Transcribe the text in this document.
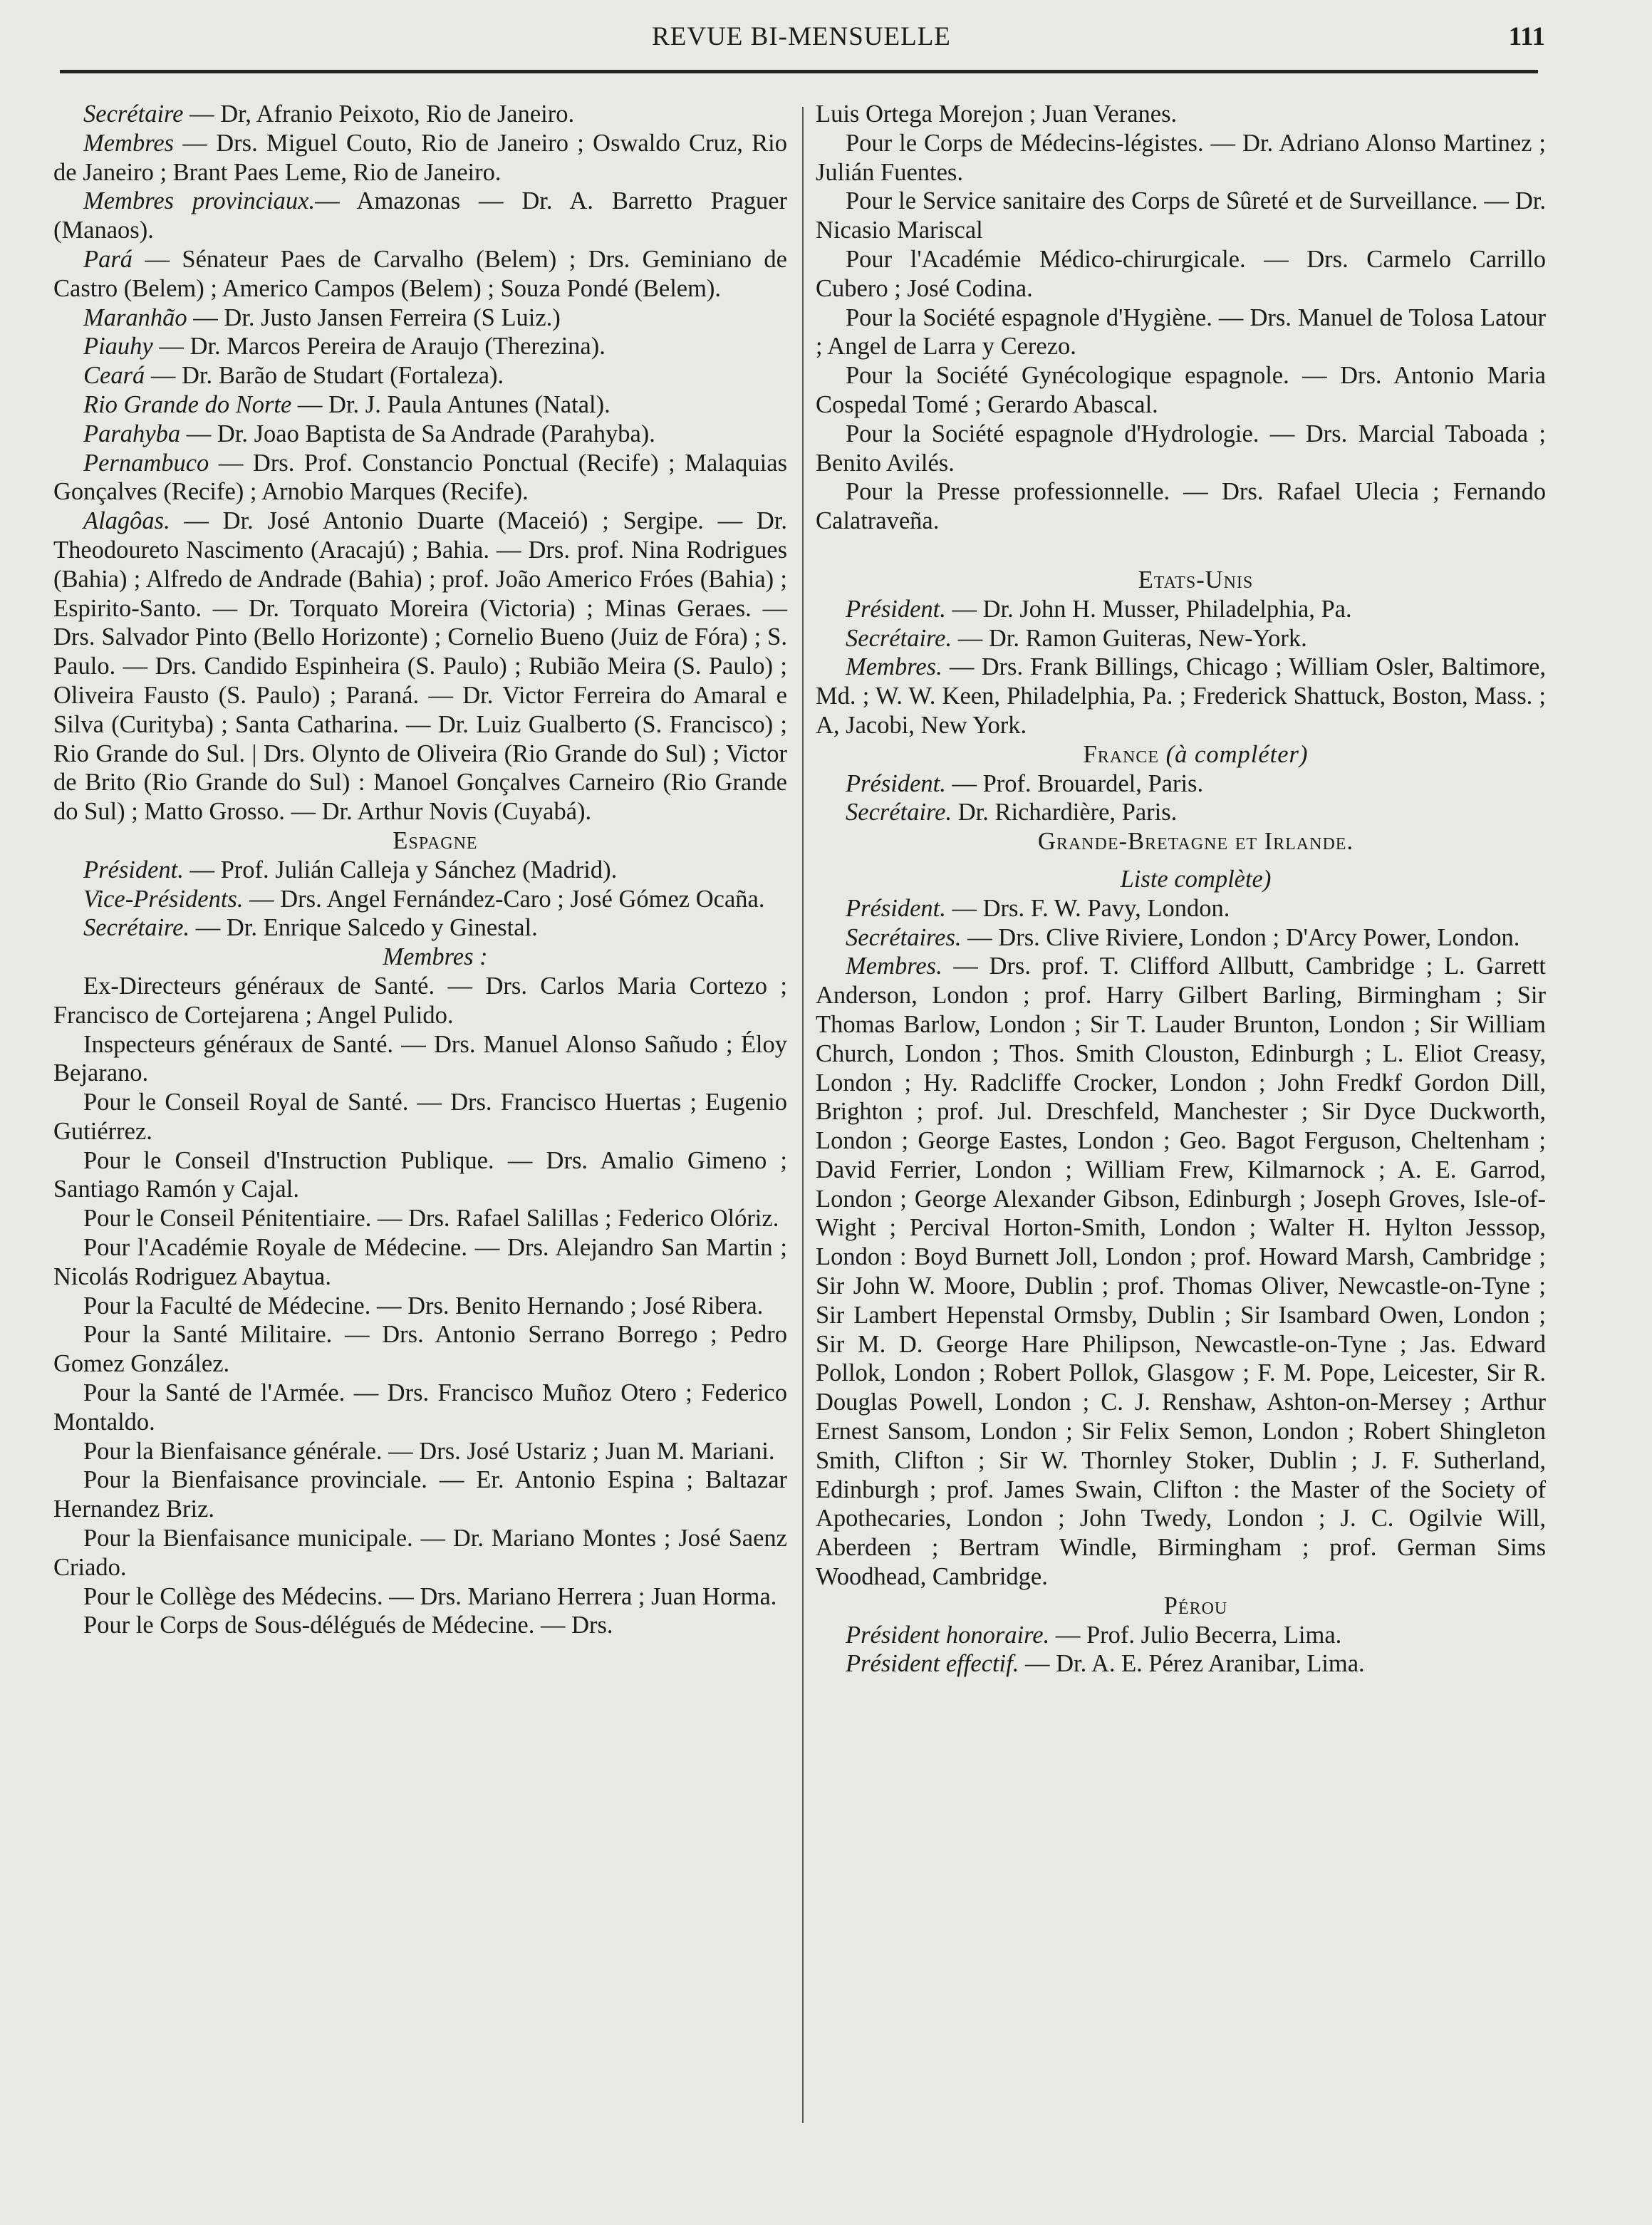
REVUE BI-MENSUELLE	111

Secrétaire — Dr, Afranio Peixoto, Rio de Janeiro.

Membres — Drs. Miguel Couto, Rio de Janeiro ; Oswaldo Cruz, Rio de Janeiro ; Brant Paes Leme, Rio de Janeiro.

Membres provinciaux.— Amazonas — Dr. A. Barretto Praguer (Manaos).

Pará — Sénateur Paes de Carvalho (Belem) ; Drs. Geminiano de Castro (Belem) ; Americo Campos (Belem) ; Souza Pondé (Belem).

Maranhão — Dr. Justo Jansen Ferreira (S Luiz.)

Piauhy — Dr. Marcos Pereira de Araujo (Therezina).

Ceará — Dr. Barão de Studart (Fortaleza).

Rio Grande do Norte — Dr. J. Paula Antunes (Natal).

Parahyba — Dr. Joao Baptista de Sa Andrade (Parahyba).

Pernambuco — Drs. Prof. Constancio Ponctual (Recife) ; Malaquias Gonçalves (Recife) ; Arnobio Marques (Recife).

Alagôas. — Dr. José Antonio Duarte (Maceió) ; Sergipe. — Dr. Theodoureto Nascimento (Aracajú) ; Bahia. — Drs. prof. Nina Rodrigues (Bahia) ; Alfredo de Andrade (Bahia) ; prof. João Americo Fróes (Bahia) ; Espirito-Santo. — Dr. Torquato Moreira (Victoria) ; Minas Geraes. — Drs. Salvador Pinto (Bello Horizonte) ; Cornelio Bueno (Juiz de Fóra) ; S. Paulo. — Drs. Candido Espinheira (S. Paulo) ; Rubião Meira (S. Paulo) ; Oliveira Fausto (S. Paulo) ; Paraná. — Dr. Victor Ferreira do Amaral e Silva (Curityba) ; Santa Catharina. — Dr. Luiz Gualberto (S. Francisco) ; Rio Grande do Sul. | Drs. Olynto de Oliveira (Rio Grande do Sul) ; Victor de Brito (Rio Grande do Sul) : Manoel Gonçalves Carneiro (Rio Grande do Sul) ; Matto Grosso. — Dr. Arthur Novis (Cuyabá).

Espagne

Président. — Prof. Julián Calleja y Sánchez (Madrid).

Vice-Présidents. — Drs. Angel Fernández-Caro ; José Gómez Ocaña.

Secrétaire. — Dr. Enrique Salcedo y Ginestal.

Membres :

Ex-Directeurs généraux de Santé. — Drs. Carlos Maria Cortezo ; Francisco de Cortejarena ; Angel Pulido.

Inspecteurs généraux de Santé. — Drs. Manuel Alonso Sañudo ; Éloy Bejarano.

Pour le Conseil Royal de Santé. — Drs. Francisco Huertas ; Eugenio Gutiérrez.

Pour le Conseil d'Instruction Publique. — Drs. Amalio Gimeno ; Santiago Ramón y Cajal.

Pour le Conseil Pénitentiaire. — Drs. Rafael Salillas ; Federico Olóriz.

Pour l'Académie Royale de Médecine. — Drs. Alejandro San Martin ; Nicolás Rodriguez Abaytua.

Pour la Faculté de Médecine. — Drs. Benito Hernando ; José Ribera.

Pour la Santé Militaire. — Drs. Antonio Serrano Borrego ; Pedro Gomez González.

Pour la Santé de l'Armée. — Drs. Francisco Muñoz Otero ; Federico Montaldo.

Pour la Bienfaisance générale. — Drs. José Ustariz ; Juan M. Mariani.

Pour la Bienfaisance provinciale. — Er. Antonio Espina ; Baltazar Hernandez Briz.

Pour la Bienfaisance municipale. — Dr. Mariano Montes ; José Saenz Criado.

Pour le Collège des Médecins. — Drs. Mariano Herrera ; Juan Horma.

Pour le Corps de Sous-délégués de Médecine. — Drs.

Luis Ortega Morejon ; Juan Veranes.

Pour le Corps de Médecins-légistes. — Dr. Adriano Alonso Martinez ; Julián Fuentes.

Pour le Service sanitaire des Corps de Sûreté et de Surveillance. — Dr. Nicasio Mariscal

Pour l'Académie Médico-chirurgicale. — Drs. Carmelo Carrillo Cubero ; José Codina.

Pour la Société espagnole d'Hygiène. — Drs. Manuel de Tolosa Latour ; Angel de Larra y Cerezo.

Pour la Société Gynécologique espagnole. — Drs. Antonio Maria Cospedal Tomé ; Gerardo Abascal.

Pour la Société espagnole d'Hydrologie. — Drs. Marcial Taboada ; Benito Avilés.

Pour la Presse professionnelle. — Drs. Rafael Ulecia ; Fernando Calatraveña.

Etats-Unis

Président. — Dr. John H. Musser, Philadelphia, Pa.

Secrétaire. — Dr. Ramon Guiteras, New-York.

Membres. — Drs. Frank Billings, Chicago ; William Osler, Baltimore, Md. ; W. W. Keen, Philadelphia, Pa. ; Frederick Shattuck, Boston, Mass. ; A, Jacobi, New York.

France (à compléter)

Président. — Prof. Brouardel, Paris.

Secrétaire. Dr. Richardière, Paris.

Grande-Bretagne et Irlande.

Liste complète)

Président. — Drs. F. W. Pavy, London.

Secrétaires. — Drs. Clive Riviere, London ; D'Arcy Power, London.

Membres. — Drs. prof. T. Clifford Allbutt, Cambridge ; L. Garrett Anderson, London ; prof. Harry Gilbert Barling, Birmingham ; Sir Thomas Barlow, London ; Sir T. Lauder Brunton, London ; Sir William Church, London ; Thos. Smith Clouston, Edinburgh ; L. Eliot Creasy, London ; Hy. Radcliffe Crocker, London ; John Fredkf Gordon Dill, Brighton ; prof. Jul. Dreschfeld, Manchester ; Sir Dyce Duckworth, London ; George Eastes, London ; Geo. Bagot Ferguson, Cheltenham ; David Ferrier, London ; William Frew, Kilmarnock ; A. E. Garrod, London ; George Alexander Gibson, Edinburgh ; Joseph Groves, Isle-of-Wight ; Percival Horton-Smith, London ; Walter H. Hylton Jesssop, London : Boyd Burnett Joll, London ; prof. Howard Marsh, Cambridge ; Sir John W. Moore, Dublin ; prof. Thomas Oliver, Newcastle-on-Tyne ; Sir Lambert Hepenstal Ormsby, Dublin ; Sir Isambard Owen, London ; Sir M. D. George Hare Philipson, Newcastle-on-Tyne ; Jas. Edward Pollok, London ; Robert Pollok, Glasgow ; F. M. Pope, Leicester, Sir R. Douglas Powell, London ; C. J. Renshaw, Ashton-on-Mersey ; Arthur Ernest Sansom, London ; Sir Felix Semon, London ; Robert Shingleton Smith, Clifton ; Sir W. Thornley Stoker, Dublin ; J. F. Sutherland, Edinburgh ; prof. James Swain, Clifton : the Master of the Society of Apothecaries, London ; John Twedy, London ; J. C. Ogilvie Will, Aberdeen ; Bertram Windle, Birmingham ; prof. German Sims Woodhead, Cambridge.

Pérou

Président honoraire. — Prof. Julio Becerra, Lima.

Président effectif. — Dr. A. E. Pérez Aranibar, Lima.
